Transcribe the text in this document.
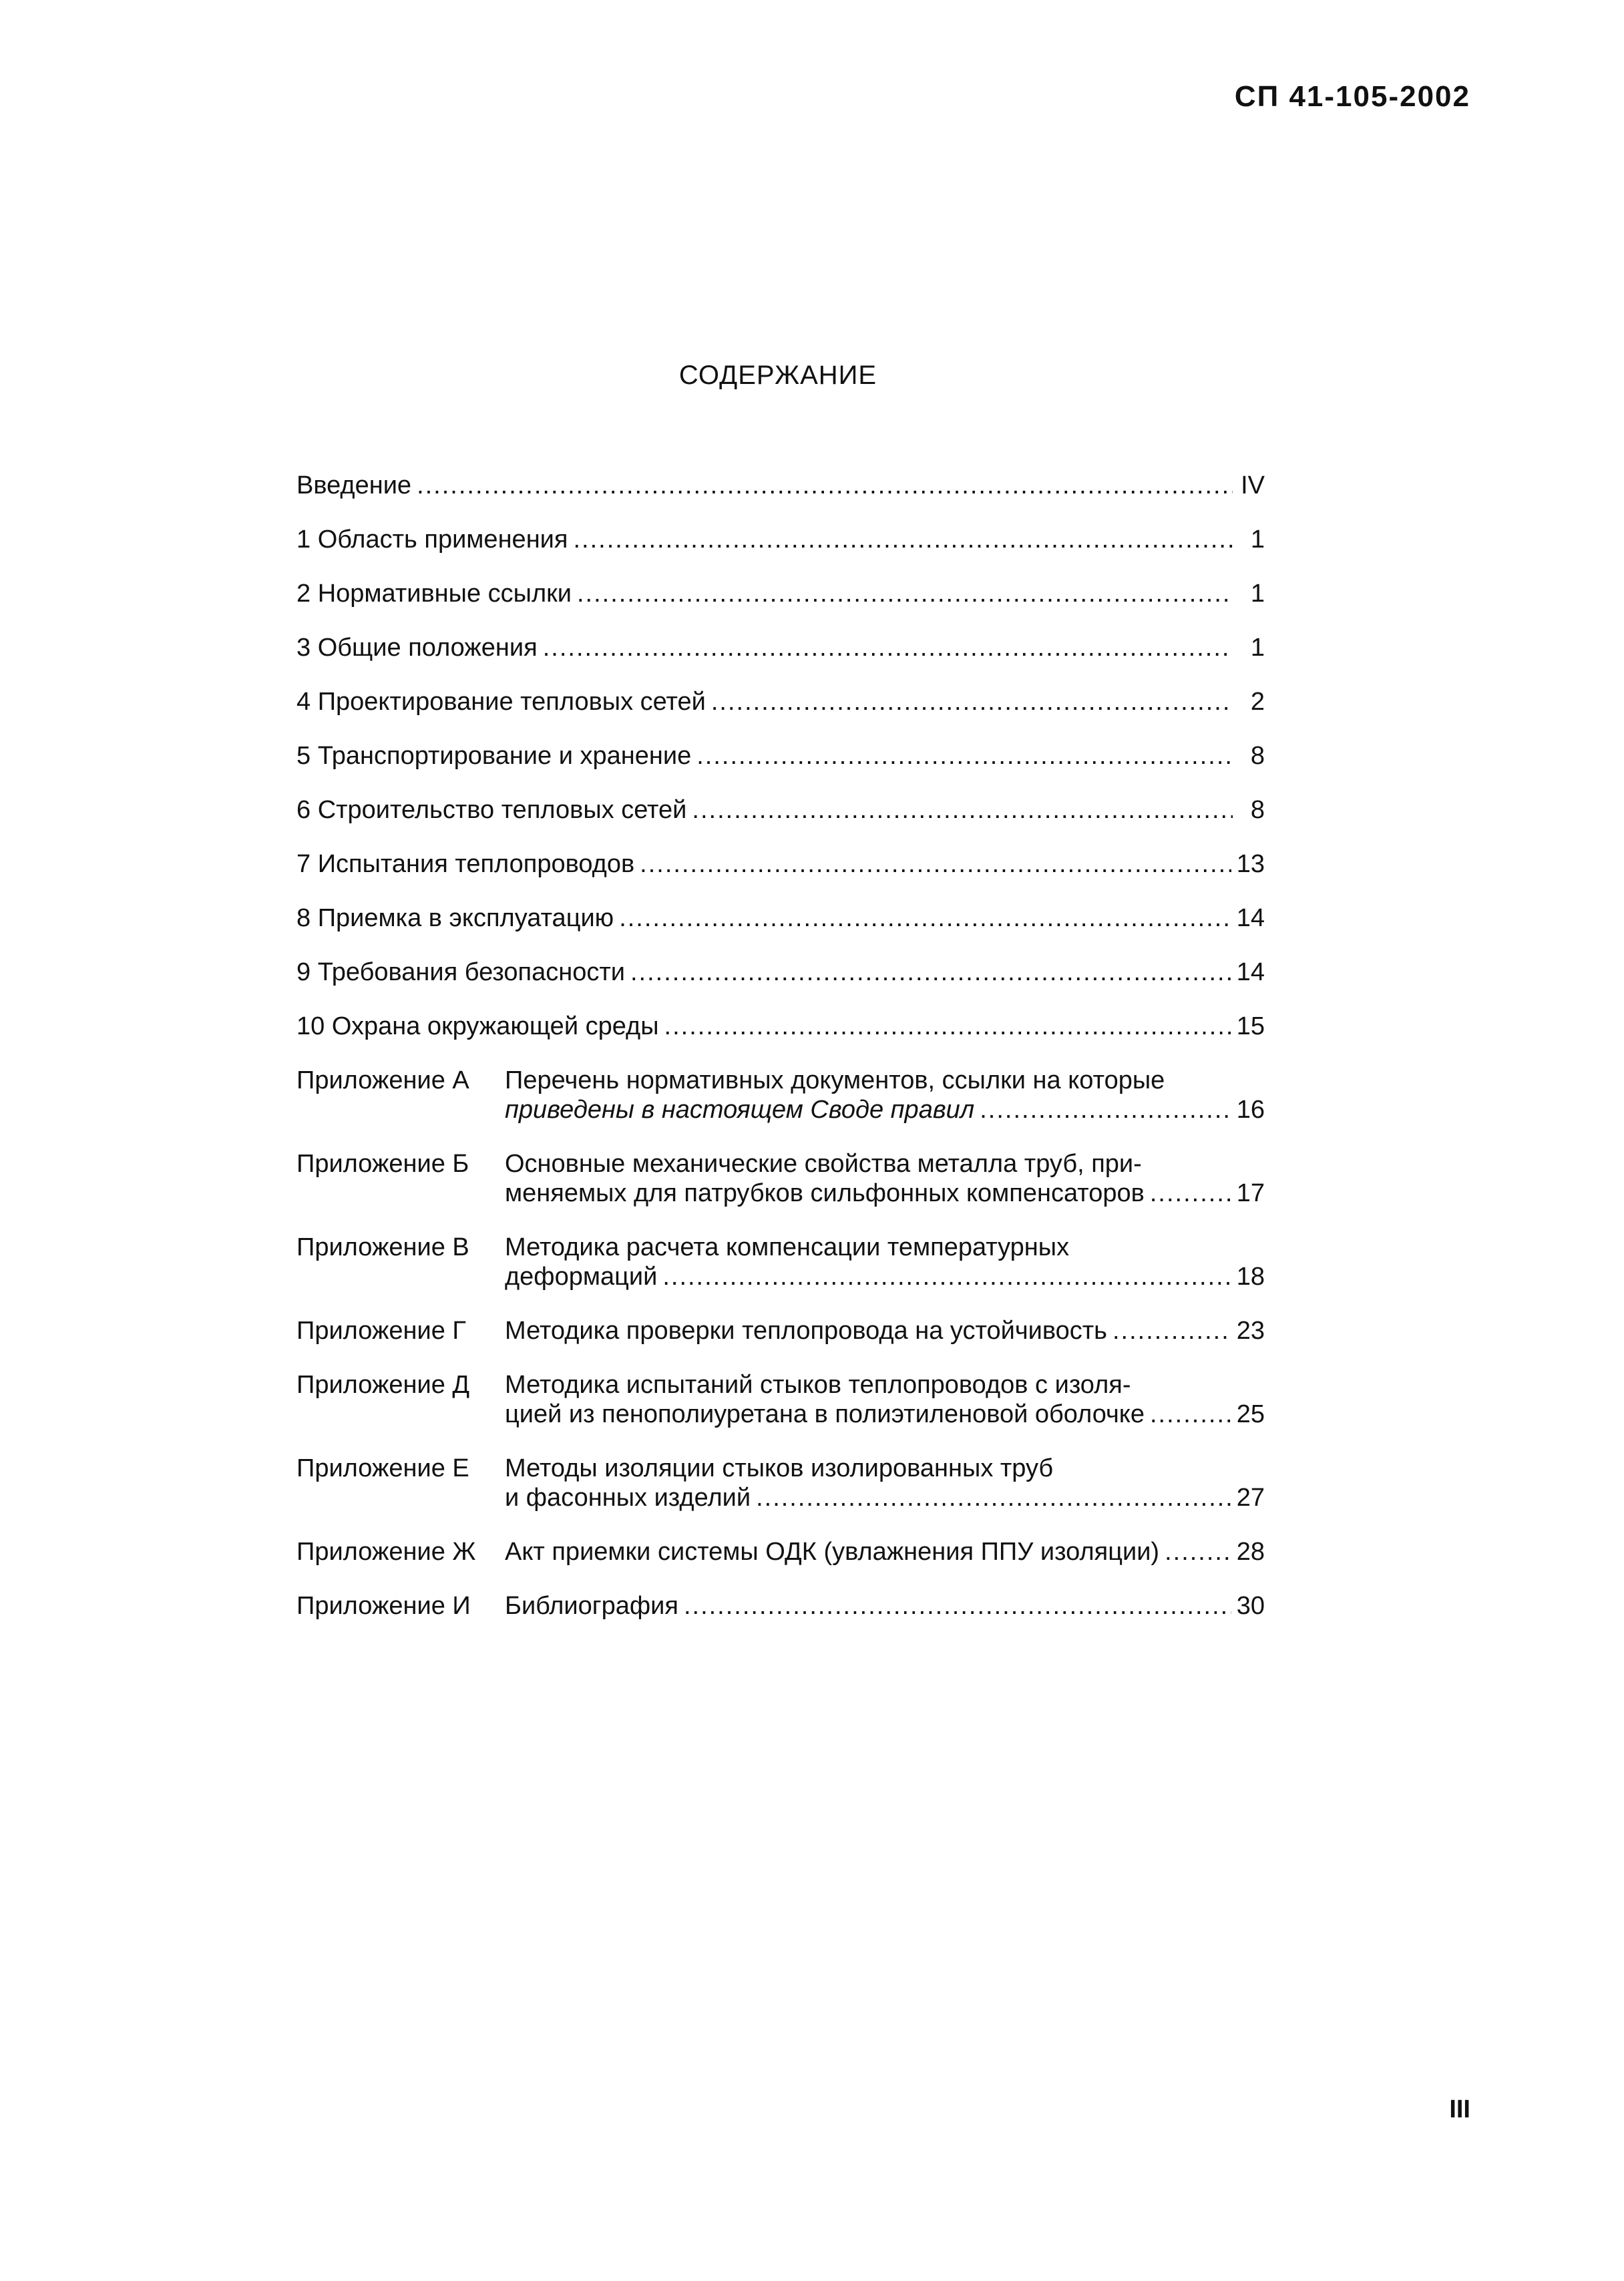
СП 41-105-2002
СОДЕРЖАНИЕ
Введение .....	IV
1 Область применения .....	1
2 Нормативные ссылки .....	1
3 Общие положения .....	1
4 Проектирование тепловых сетей .....	2
5 Транспортирование и хранение .....	8
6 Строительство тепловых сетей .....	8
7 Испытания теплопроводов .....	13
8 Приемка в эксплуатацию .....	14
9 Требования безопасности .....	14
10 Охрана окружающей среды .....	15
Приложение А	Перечень нормативных документов, ссылки на которые
приведены в настоящем Своде правил .....	16
Приложение Б	Основные механические свойства металла труб, при-
меняемых для патрубков сильфонных компенсаторов .....	17
Приложение В	Методика расчета компенсации температурных
деформаций .....	18
Приложение Г	Методика проверки теплопровода на устойчивость .....	23
Приложение Д	Методика испытаний стыков теплопроводов с изоля-
цией из пенополиуретана в полиэтиленовой оболочке .....	25
Приложение Е	Методы изоляции стыков изолированных труб
и фасонных изделий .....	27
Приложение Ж	Акт приемки системы ОДК (увлажнения ППУ изоляции) .....	28
Приложение И	Библиография .....	30
III
